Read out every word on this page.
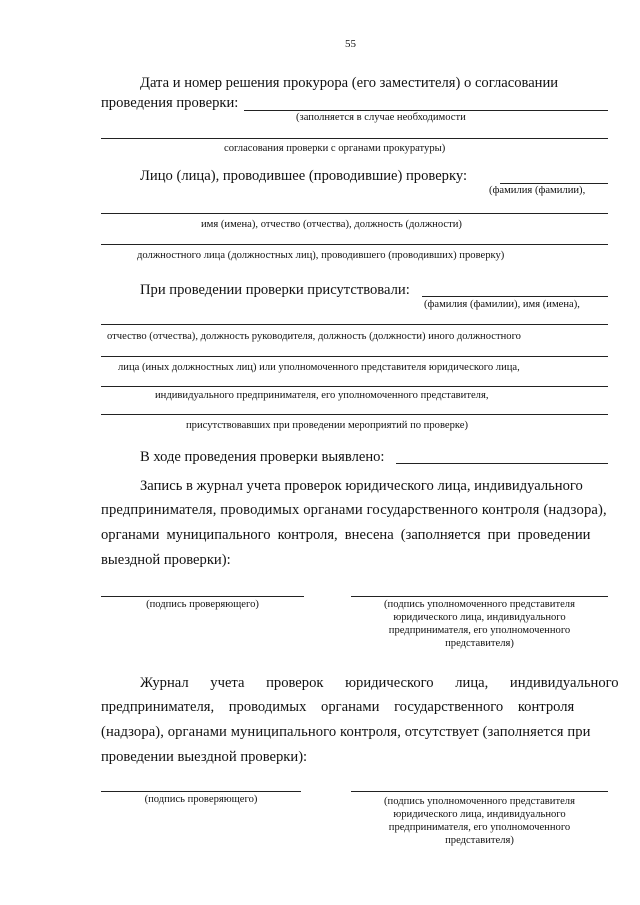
55
Дата и номер решения прокурора (его заместителя) о согласовании
проведения проверки:
(заполняется в случае необходимости
согласования проверки с органами прокуратуры)
Лицо (лица), проводившее (проводившие) проверку:
(фамилия (фамилии),
имя (имена), отчество (отчества), должность (должности)
должностного лица (должностных лиц), проводившего (проводивших) проверку)
При проведении проверки присутствовали:
(фамилия (фамилии), имя (имена),
отчество (отчества), должность руководителя, должность (должности) иного должностного
лица (иных должностных лиц) или уполномоченного представителя юридического лица,
индивидуального предпринимателя, его уполномоченного представителя,
присутствовавших при проведении мероприятий по проверке)
В ходе проведения проверки выявлено:
Запись в журнал учета проверок юридического лица, индивидуального
предпринимателя, проводимых органами государственного контроля (надзора),
органами муниципального контроля, внесена (заполняется при проведении
выездной проверки):
(подпись проверяющего)	(подпись уполномоченного представителя
юридического лица, индивидуального
предпринимателя, его уполномоченного
представителя)
Журнал учета проверок юридического лица, индивидуального
предпринимателя, проводимых органами государственного контроля
(надзора), органами муниципального контроля, отсутствует (заполняется при
проведении выездной проверки):
(подпись проверяющего)	(подпись уполномоченного представителя
юридического лица, индивидуального
предпринимателя, его уполномоченного
представителя)
